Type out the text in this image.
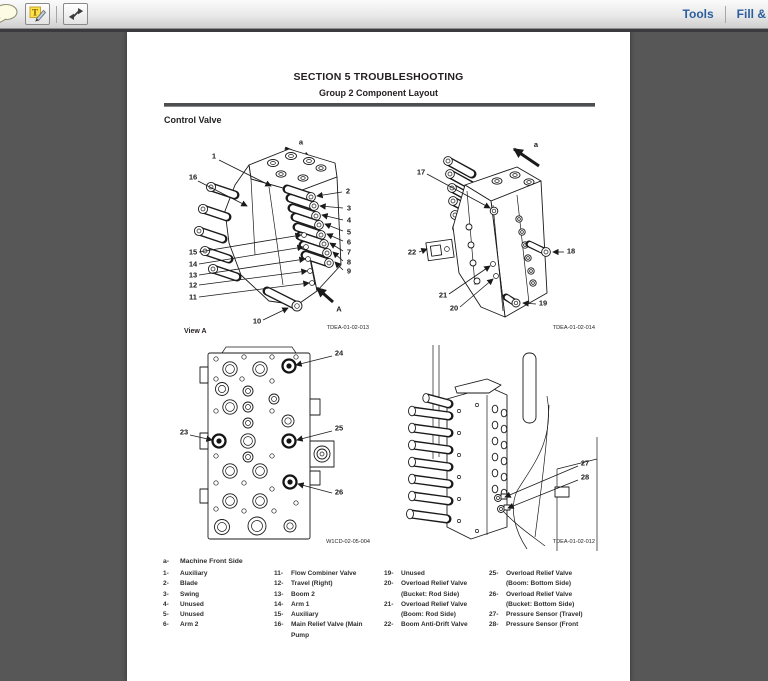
T	Tools Fill &
SECTION 5 TROUBLESHOOTING
Group 2 Component Layout
Control Valve
1
16
2
3
4
5
6
7
8
9
15
14
13
12
11
10
a
A
TDEA-01-02-013
17
22	18
19
21
20
a
TDEA-01-02-014
View A
24
23	25
26
W1CD-02-05-004
27
28
TDEA-01-02-012
a-	Machine Front Side
1-	Auxiliary
2-	Blade
3-	Swing
4-	Unused
5-	Unused
6-	Arm 2
11-	Flow Combiner Valve
12-	Travel (Right)
13-	Boom 2
14-	Arm 1
15-	Auxiliary
16-	Main Relief Valve (Main Pump
19-	Unused
20-	Overload Relief Valve (Bucket: Rod Side)
21-	Overload Relief Valve (Boom: Rod Side)
22-	Boom Anti-Drift Valve
25-	Overload Relief Valve (Boom: Bottom Side)
26-	Overload Relief Valve (Bucket: Bottom Side)
27-	Pressure Sensor (Travel)
28-	Pressure Sensor (Front
